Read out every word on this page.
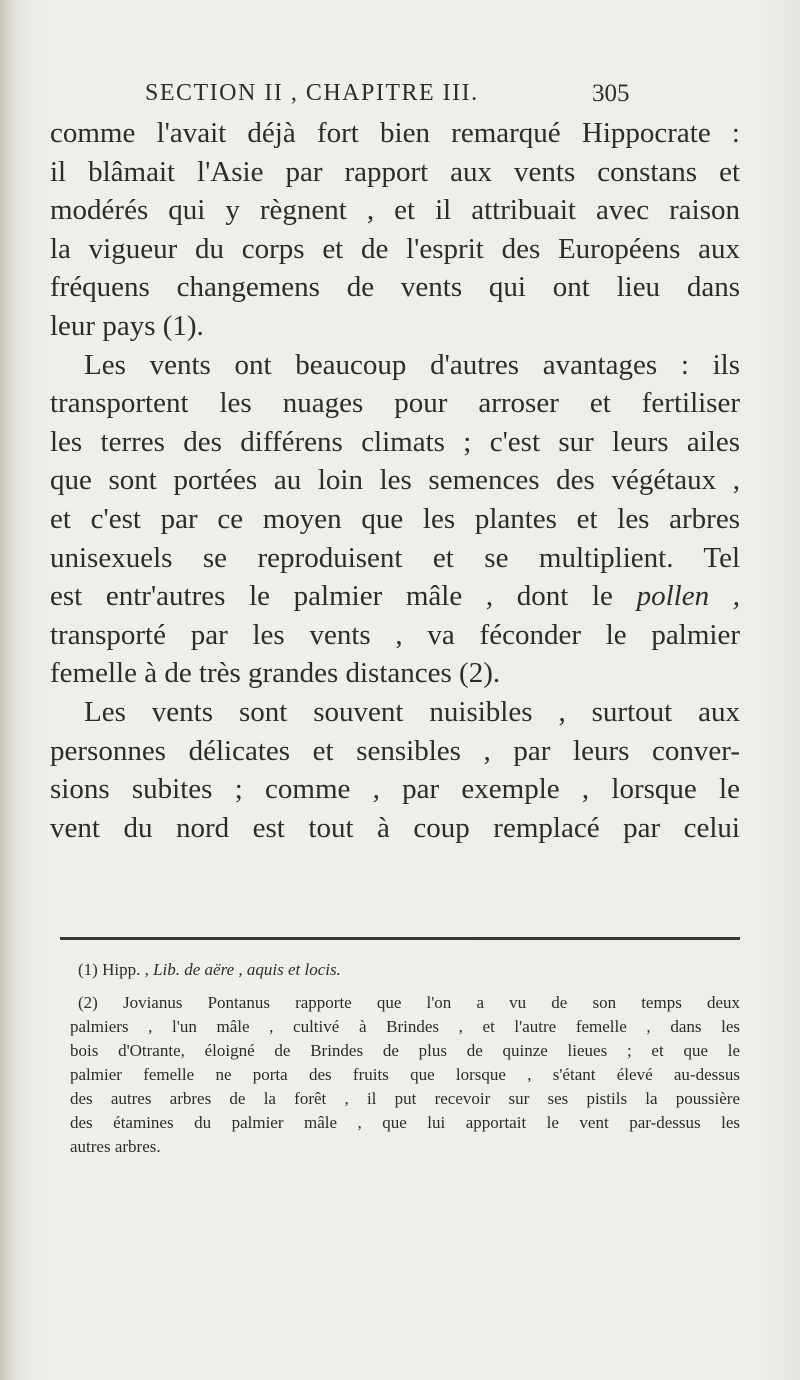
SECTION II , CHAPITRE III.	305
comme l'avait déjà fort bien remarqué Hippocrate :
il blâmait l'Asie par rapport aux vents constans et
modérés qui y règnent , et il attribuait avec raison
la vigueur du corps et de l'esprit des Européens aux
fréquens changemens de vents qui ont lieu dans
leur pays (1).
Les vents ont beaucoup d'autres avantages : ils
transportent les nuages pour arroser et fertiliser
les terres des différens climats ; c'est sur leurs ailes
que sont portées au loin les semences des végétaux ,
et c'est par ce moyen que les plantes et les arbres
unisexuels se reproduisent et se multiplient. Tel
est entr'autres le palmier mâle , dont le pollen ,
transporté par les vents , va féconder le palmier
femelle à de très grandes distances (2).
Les vents sont souvent nuisibles , surtout aux
personnes délicates et sensibles , par leurs conver-
sions subites ; comme , par exemple , lorsque le
vent du nord est tout à coup remplacé par celui
(1) Hipp. , Lib. de aëre , aquis et locis.
(2) Jovianus Pontanus rapporte que l'on a vu de son temps deux
palmiers , l'un mâle , cultivé à Brindes , et l'autre femelle , dans les
bois d'Otrante, éloigné de Brindes de plus de quinze lieues ; et que le
palmier femelle ne porta des fruits que lorsque , s'étant élevé au-dessus
des autres arbres de la forêt , il put recevoir sur ses pistils la poussière
des étamines du palmier mâle , que lui apportait le vent par-dessus les
autres arbres.
